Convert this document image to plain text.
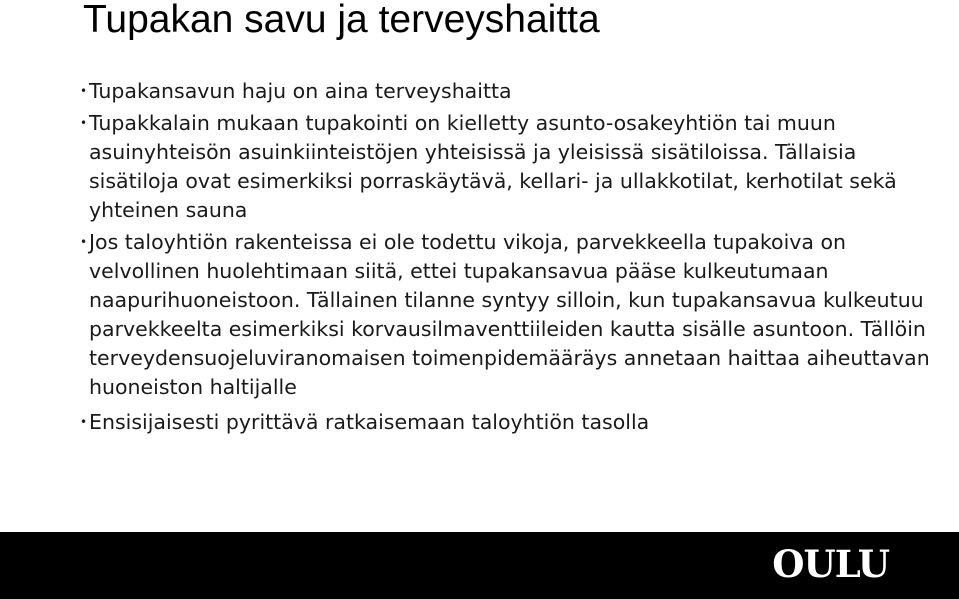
Tupakan savu ja terveyshaitta
•Tupakansavun haju on aina terveyshaitta
•Tupakkalain mukaan tupakointi on kielletty asunto-osakeyhtiön tai muun asuinyhteisön asuinkiinteistöjen yhteisissä ja yleisissä sisätiloissa. Tällaisia sisätiloja ovat esimerkiksi porraskäytävä, kellari- ja ullakkotilat, kerhotilat sekä yhteinen sauna
•Jos taloyhtiön rakenteissa ei ole todettu vikoja, parvekkeella tupakoiva on velvollinen huolehtimaan siitä, ettei tupakansavua pääse kulkeutumaan naapurihuoneistoon. Tällainen tilanne syntyy silloin, kun tupakansavua kulkeutuu parvekkeelta esimerkiksi korvausilmaventtiileiden kautta sisälle asuntoon. Tällöin terveydensuojeluviranomaisen toimenpidemääräys annetaan haittaa aiheuttavan huoneiston haltijalle
•Ensisijaisesti pyrittävä ratkaisemaan taloyhtiön tasolla
OULU
